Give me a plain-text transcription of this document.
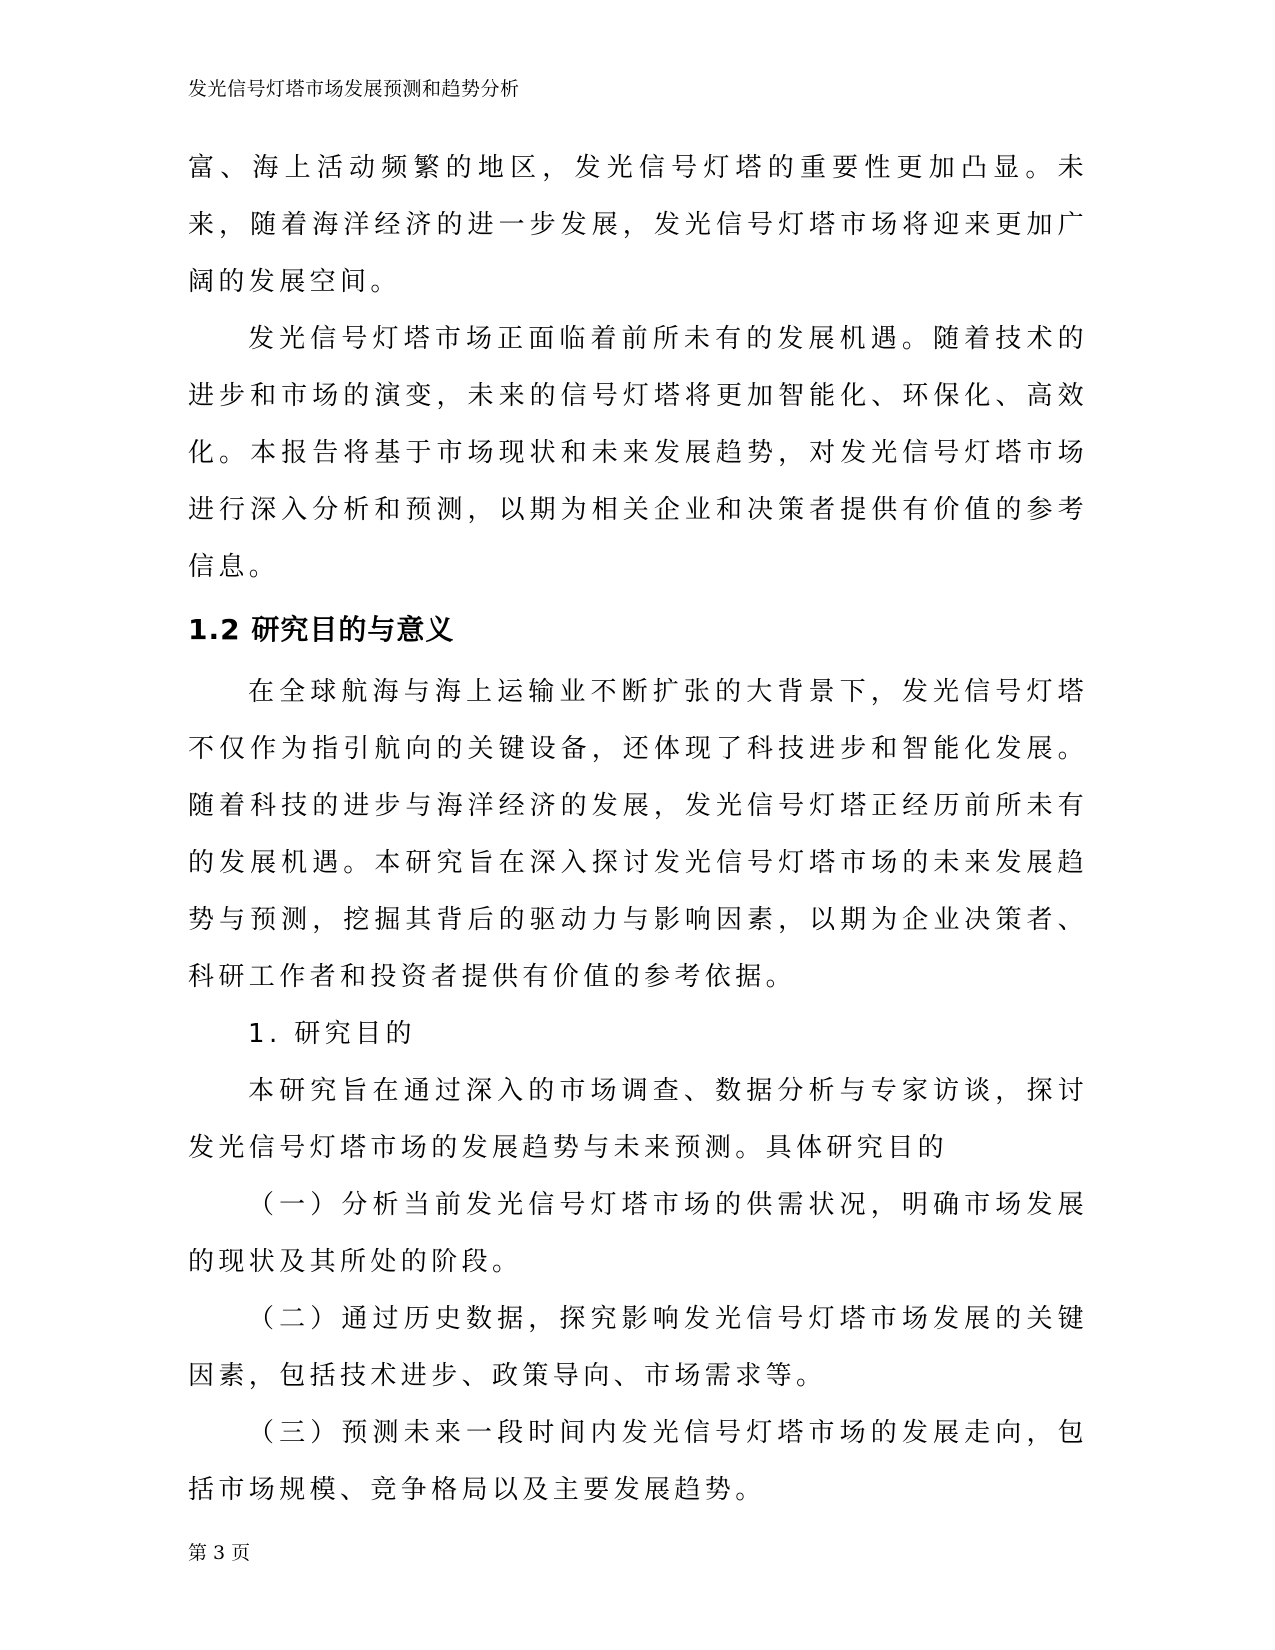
发光信号灯塔市场发展预测和趋势分析

富、海上活动频繁的地区，发光信号灯塔的重要性更加凸显。未来，随着海洋经济的进一步发展，发光信号灯塔市场将迎来更加广阔的发展空间。

发光信号灯塔市场正面临着前所未有的发展机遇。随着技术的进步和市场的演变，未来的信号灯塔将更加智能化、环保化、高效化。本报告将基于市场现状和未来发展趋势，对发光信号灯塔市场进行深入分析和预测，以期为相关企业和决策者提供有价值的参考信息。

1.2 研究目的与意义

在全球航海与海上运输业不断扩张的大背景下，发光信号灯塔不仅作为指引航向的关键设备，还体现了科技进步和智能化发展。随着科技的进步与海洋经济的发展，发光信号灯塔正经历前所未有的发展机遇。本研究旨在深入探讨发光信号灯塔市场的未来发展趋势与预测，挖掘其背后的驱动力与影响因素，以期为企业决策者、科研工作者和投资者提供有价值的参考依据。

1. 研究目的

本研究旨在通过深入的市场调查、数据分析与专家访谈，探讨发光信号灯塔市场的发展趋势与未来预测。具体研究目的

（一）分析当前发光信号灯塔市场的供需状况，明确市场发展的现状及其所处的阶段。

（二）通过历史数据，探究影响发光信号灯塔市场发展的关键因素，包括技术进步、政策导向、市场需求等。

（三）预测未来一段时间内发光信号灯塔市场的发展走向，包括市场规模、竞争格局以及主要发展趋势。

第 3 页
